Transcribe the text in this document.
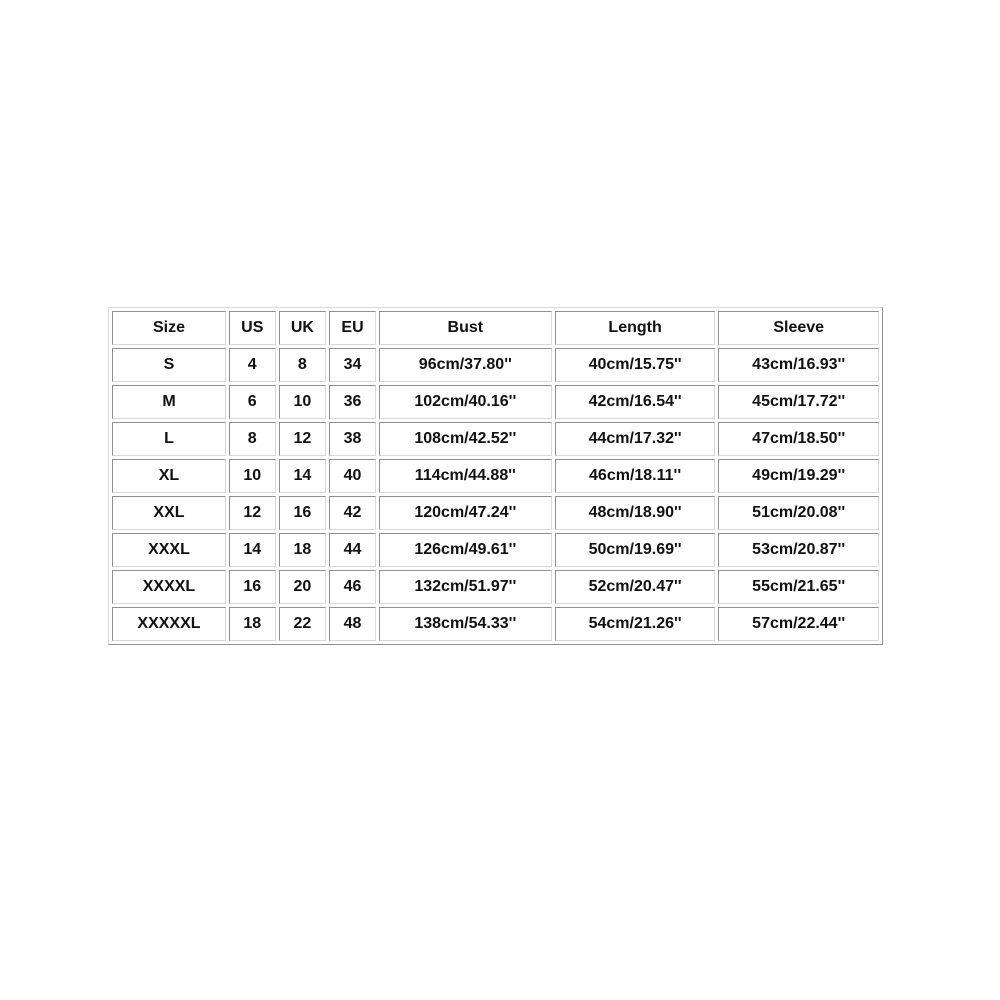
Size	US	UK	EU	Bust	Length	Sleeve
S	4	8	34	96cm/37.80''	40cm/15.75''	43cm/16.93''
M	6	10	36	102cm/40.16''	42cm/16.54''	45cm/17.72''
L	8	12	38	108cm/42.52''	44cm/17.32''	47cm/18.50''
XL	10	14	40	114cm/44.88''	46cm/18.11''	49cm/19.29''
XXL	12	16	42	120cm/47.24''	48cm/18.90''	51cm/20.08''
XXXL	14	18	44	126cm/49.61''	50cm/19.69''	53cm/20.87''
XXXXL	16	20	46	132cm/51.97''	52cm/20.47''	55cm/21.65''
XXXXXL	18	22	48	138cm/54.33''	54cm/21.26''	57cm/22.44''
